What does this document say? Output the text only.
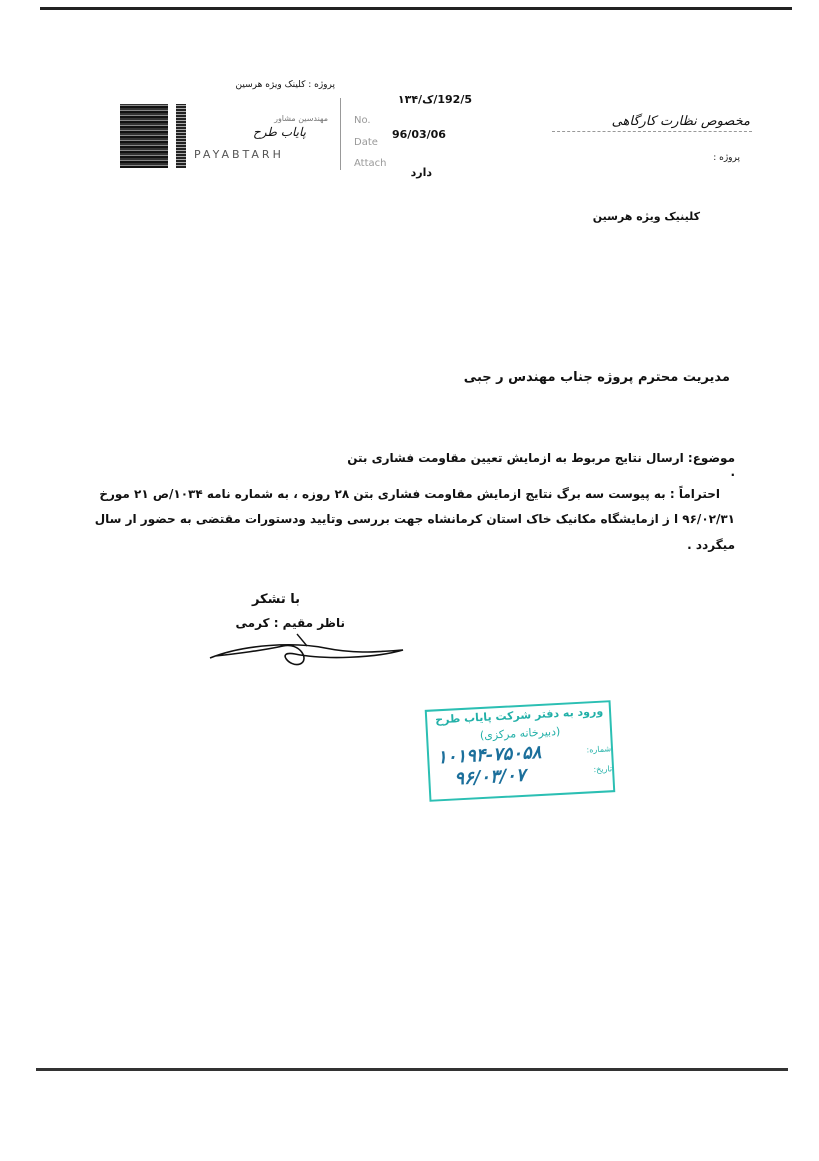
پروژه : کلینک ویژه هرسین
مهندسین مشاور
پایاب طرح
PAYABTARH
No.
Date
Attach
192/5/ک/۱۳۴
96/03/06
دارد
مخصوص نظارت کارگاهی
پروژه :
کلینیک ویژه هرسین
مدیریت محترم پروژه جناب مهندس ر جبی
موضوع: ارسال نتایج مربوط به ازمایش تعیین مقاومت فشاری بتن .
احتراماً : به پیوست سه برگ نتایج ازمایش مقاومت فشاری بتن ۲۸ روزه ، به شماره نامه ۱۰۳۴/ص ۲۱ مورخ
۹۶/۰۲/۳۱ ا ز ازمایشگاه مکانیک خاک استان کرمانشاه جهت بررسی وتایید ودستورات مقتضی به حضور ار سال
میگردد .
با تشکر
ناظر مقیم : کرمی
ورود به دفتر شرکت پایاب طرح
(دبیرخانه مرکزی)
شماره:
۱۰۱۹۴-۷۵۰۵۸
تاریخ:
۹۶/۰۳/۰۷
